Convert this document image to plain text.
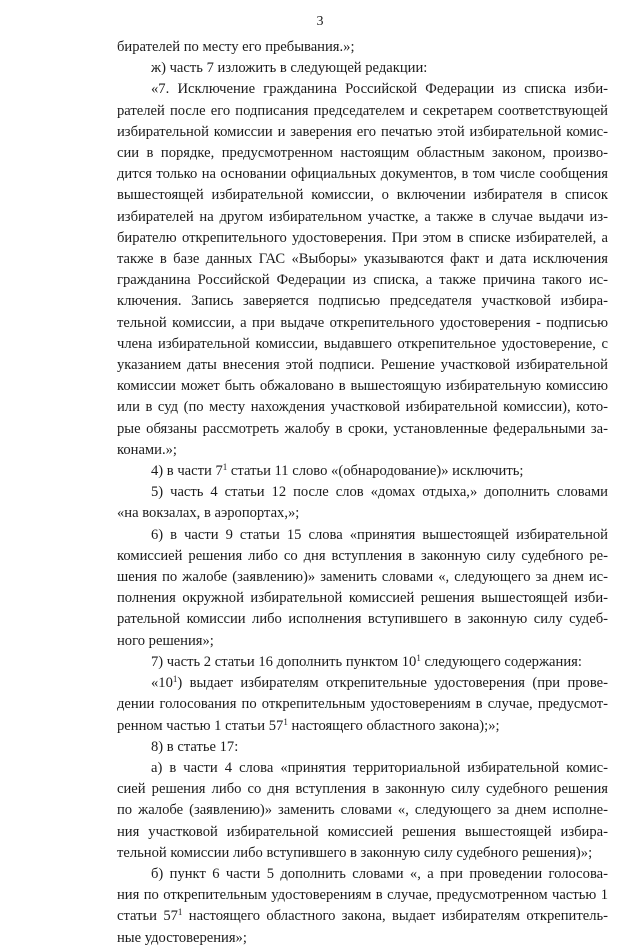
3

бирателей по месту его пребывания.»;

ж) часть 7 изложить в следующей редакции:

«7. Исключение гражданина Российской Федерации из списка изби-

рателей после его подписания председателем и секретарем соответствующей

избирательной комиссии и заверения его печатью этой избирательной комис-

сии в порядке, предусмотренном настоящим областным законом, произво-

дится только на основании официальных документов, в том числе сообщения

вышестоящей избирательной комиссии, о включении избирателя в список

избирателей на другом избирательном участке, а также в случае выдачи из-

бирателю открепительного удостоверения. При этом в списке избирателей, а

также в базе данных ГАС «Выборы» указываются факт и дата исключения

гражданина Российской Федерации из списка, а также причина такого ис-

ключения. Запись заверяется подписью председателя участковой избира-

тельной комиссии, а при выдаче открепительного удостоверения - подписью

члена избирательной комиссии, выдавшего открепительное удостоверение, с

указанием даты внесения этой подписи. Решение участковой избирательной

комиссии может быть обжаловано в вышестоящую избирательную комиссию

или в суд (по месту нахождения участковой избирательной комиссии), кото-

рые обязаны рассмотреть жалобу в сроки, установленные федеральными за-

конами.»;

4) в части $7^1$ статьи 11 слово «(обнародование)» исключить;

5) часть 4 статьи 12 после слов «домах отдыха,» дополнить словами

«на вокзалах, в аэропортах,»;

6) в части 9 статьи 15 слова «принятия вышестоящей избирательной

комиссией решения либо со дня вступления в законную силу судебного ре-

шения по жалобе (заявлению)» заменить словами «, следующего за днем ис-

полнения окружной избирательной комиссией решения вышестоящей изби-

рательной комиссии либо исполнения вступившего в законную силу судеб-

ного решения»;

7) часть 2 статьи 16 дополнить пунктом $10^1$ следующего содержания:

«$10^1$) выдает избирателям открепительные удостоверения (при прове-

дении голосования по открепительным удостоверениям в случае, предусмот-

ренном частью 1 статьи $57^1$ настоящего областного закона);»;

8) в статье 17:

а) в части 4 слова «принятия территориальной избирательной комис-

сией решения либо со дня вступления в законную силу судебного решения

по жалобе (заявлению)» заменить словами «, следующего за днем исполне-

ния участковой избирательной комиссией решения вышестоящей избира-

тельной комиссии либо вступившего в законную силу судебного решения)»;

б) пункт 6 части 5 дополнить словами «, а при проведении голосова-

ния по открепительным удостоверениям в случае, предусмотренном частью 1

статьи $57^1$ настоящего областного закона, выдает избирателям открепитель-

ные удостоверения»;
